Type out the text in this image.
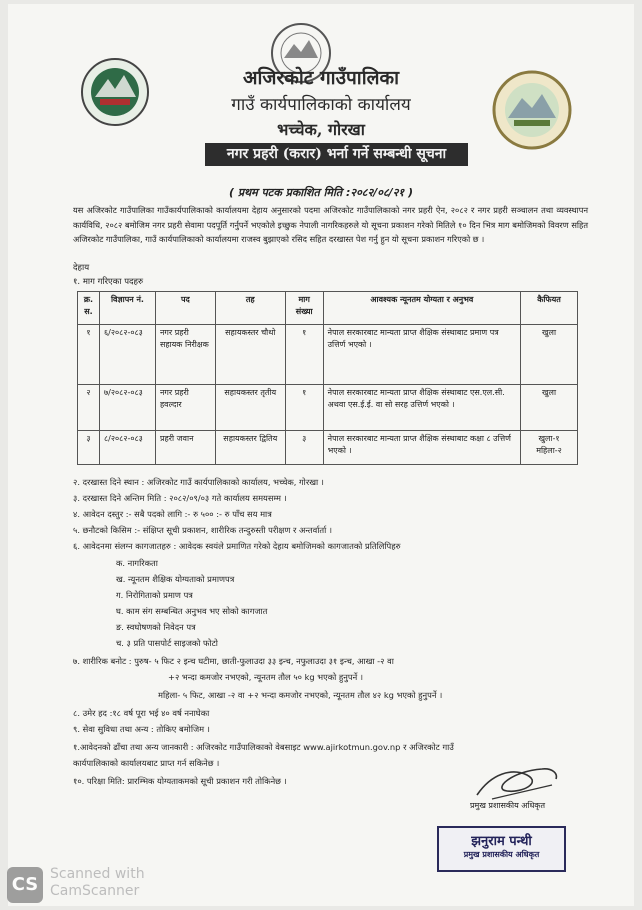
अजिरकोट गाउँपालिका
गाउँ कार्यपालिकाको कार्यालय
भच्चेक, गोरखा
नगर प्रहरी (करार) भर्ना गर्ने सम्बन्धी सूचना
( प्रथम पटक प्रकाशित मिति :२०८२/०८/२१ )
यस अजिरकोट गाउँपालिका गाउँकार्यपालिकाको कार्यालयमा देहाय अनुसारको पदमा अजिरकोट गाउँपालिकाको नगर प्रहरी ऐन, २०८२ र नगर प्रहरी सञ्चालन तथा व्यवस्थापन कार्यविधि, २०८२ बमोजिम नगर प्रहरी सेवामा पदपूर्ति गर्नुपर्ने भएकोले इच्छुक नेपाली नागरिकहरुले यो सूचना प्रकाशन गरेको मितिले १० दिन भित्र माग बमोजिमको विवरण सहित अजिरकोट गाउँपालिका, गाउँ कार्यपालिकाको कार्यालयमा राजस्व बुझाएको रसिद सहित दरखास्त पेश गर्नु हुन यो सूचना प्रकाशन गरिएको छ ।
देहाय
१. माग गरिएका पदहरु
क्र. स.	विज्ञापन नं.	पद	तह	माग संख्या	आवश्यक न्यूनतम योग्यता र अनुभव	कैफियत
१	६/२०८२-०८३	नगर प्रहरी सहायक निरीक्षक	सहायकस्तर चौथो	१	नेपाल सरकारबाट मान्यता प्राप्त शैक्षिक संस्थाबाट प्रमाण पत्र उत्तिर्ण भएको ।	खुला
२	७/२०८२-०८३	नगर प्रहरी हवल्दार	सहायकस्तर तृतीय	१	नेपाल सरकारबाट मान्यता प्राप्त शैक्षिक संस्थाबाट एस.एल.सी. अथवा एस.ई.ई. वा सो सरह उत्तिर्ण भएको ।	खुला
३	८/२०८२-०८३	प्रहरी जवान	सहायकस्तर द्वितिय	३	नेपाल सरकारबाट मान्यता प्राप्त शैक्षिक संस्थाबाट कक्षा ८ उत्तिर्ण भएको ।	खुला-१ महिला-२
२. दरखास्त दिने स्थान : अजिरकोट गाउँ कार्यपालिकाको कार्यालय, भच्चेक, गोरखा ।
३. दरखास्त दिने अन्तिम मिति : २०८२/०९/०३ गते कार्यालय समयसम्म ।
४. आवेदन दस्तुर :- सबै पदको लागि :- रु ५०० :- रु पाँच सय मात्र
५. छनौटको किसिम :- संक्षिप्त सूची प्रकाशन, शारीरिक तन्दुरुस्ती परीक्षण र अन्तर्वार्ता ।
६. आवेदनमा संलग्न कागजातहरु : आवेदक स्वयंले प्रमाणित गरेको देहाय बमोजिमको कागजातको प्रतिलिपिहरु
क. नागरिकता
ख. न्यूनतम शैक्षिक योग्यताको प्रमाणपत्र
ग. निरोगिताको प्रमाण पत्र
घ. काम संग सम्बन्धित अनुभव भए सोको कागजात
ङ. स्वघोषणको निवेदन पत्र
च. ३ प्रति पासपोर्ट साइजको फोटो
७. शारीरिक बनोट : पुरुष- ५ फिट २ इन्च घटीमा, छाती-फुलाउदा ३३ इन्च, नफुलाउदा ३१ इन्च, आखा -२ वा
+२ भन्दा कमजोर नभएको, न्यूनतम तौल ५० kg भएको हुनुपर्ने ।
महिला- ५ फिट, आखा -२ वा +२ भन्दा कमजोर नभएको, न्यूनतम तौल ४२ kg भएको हुनुपर्ने ।
८. उमेर हद :१८ वर्ष पूरा भई ४० वर्ष ननाघेका
९. सेवा सुविधा तथा अन्य : तोकिए बमोजिम ।
१.आवेदनको ढाँचा तथा अन्य जानकारी : अजिरकोट गाउँपालिकाको वेबसाइट www.ajirkotmun.gov.np र अजिरकोट गाउँ
कार्यपालिकाको कार्यालयबाट प्राप्त गर्न सकिनेछ ।
१०. परिक्षा मिति: प्रारम्भिक योग्यताकमको सूची प्रकाशन गरी तोकिनेछ ।
प्रमुख प्रशासकीय अधिकृत
झनुराम पन्थी
प्रमुख प्रशासकीय अधिकृत
CS Scanned with
CamScanner
